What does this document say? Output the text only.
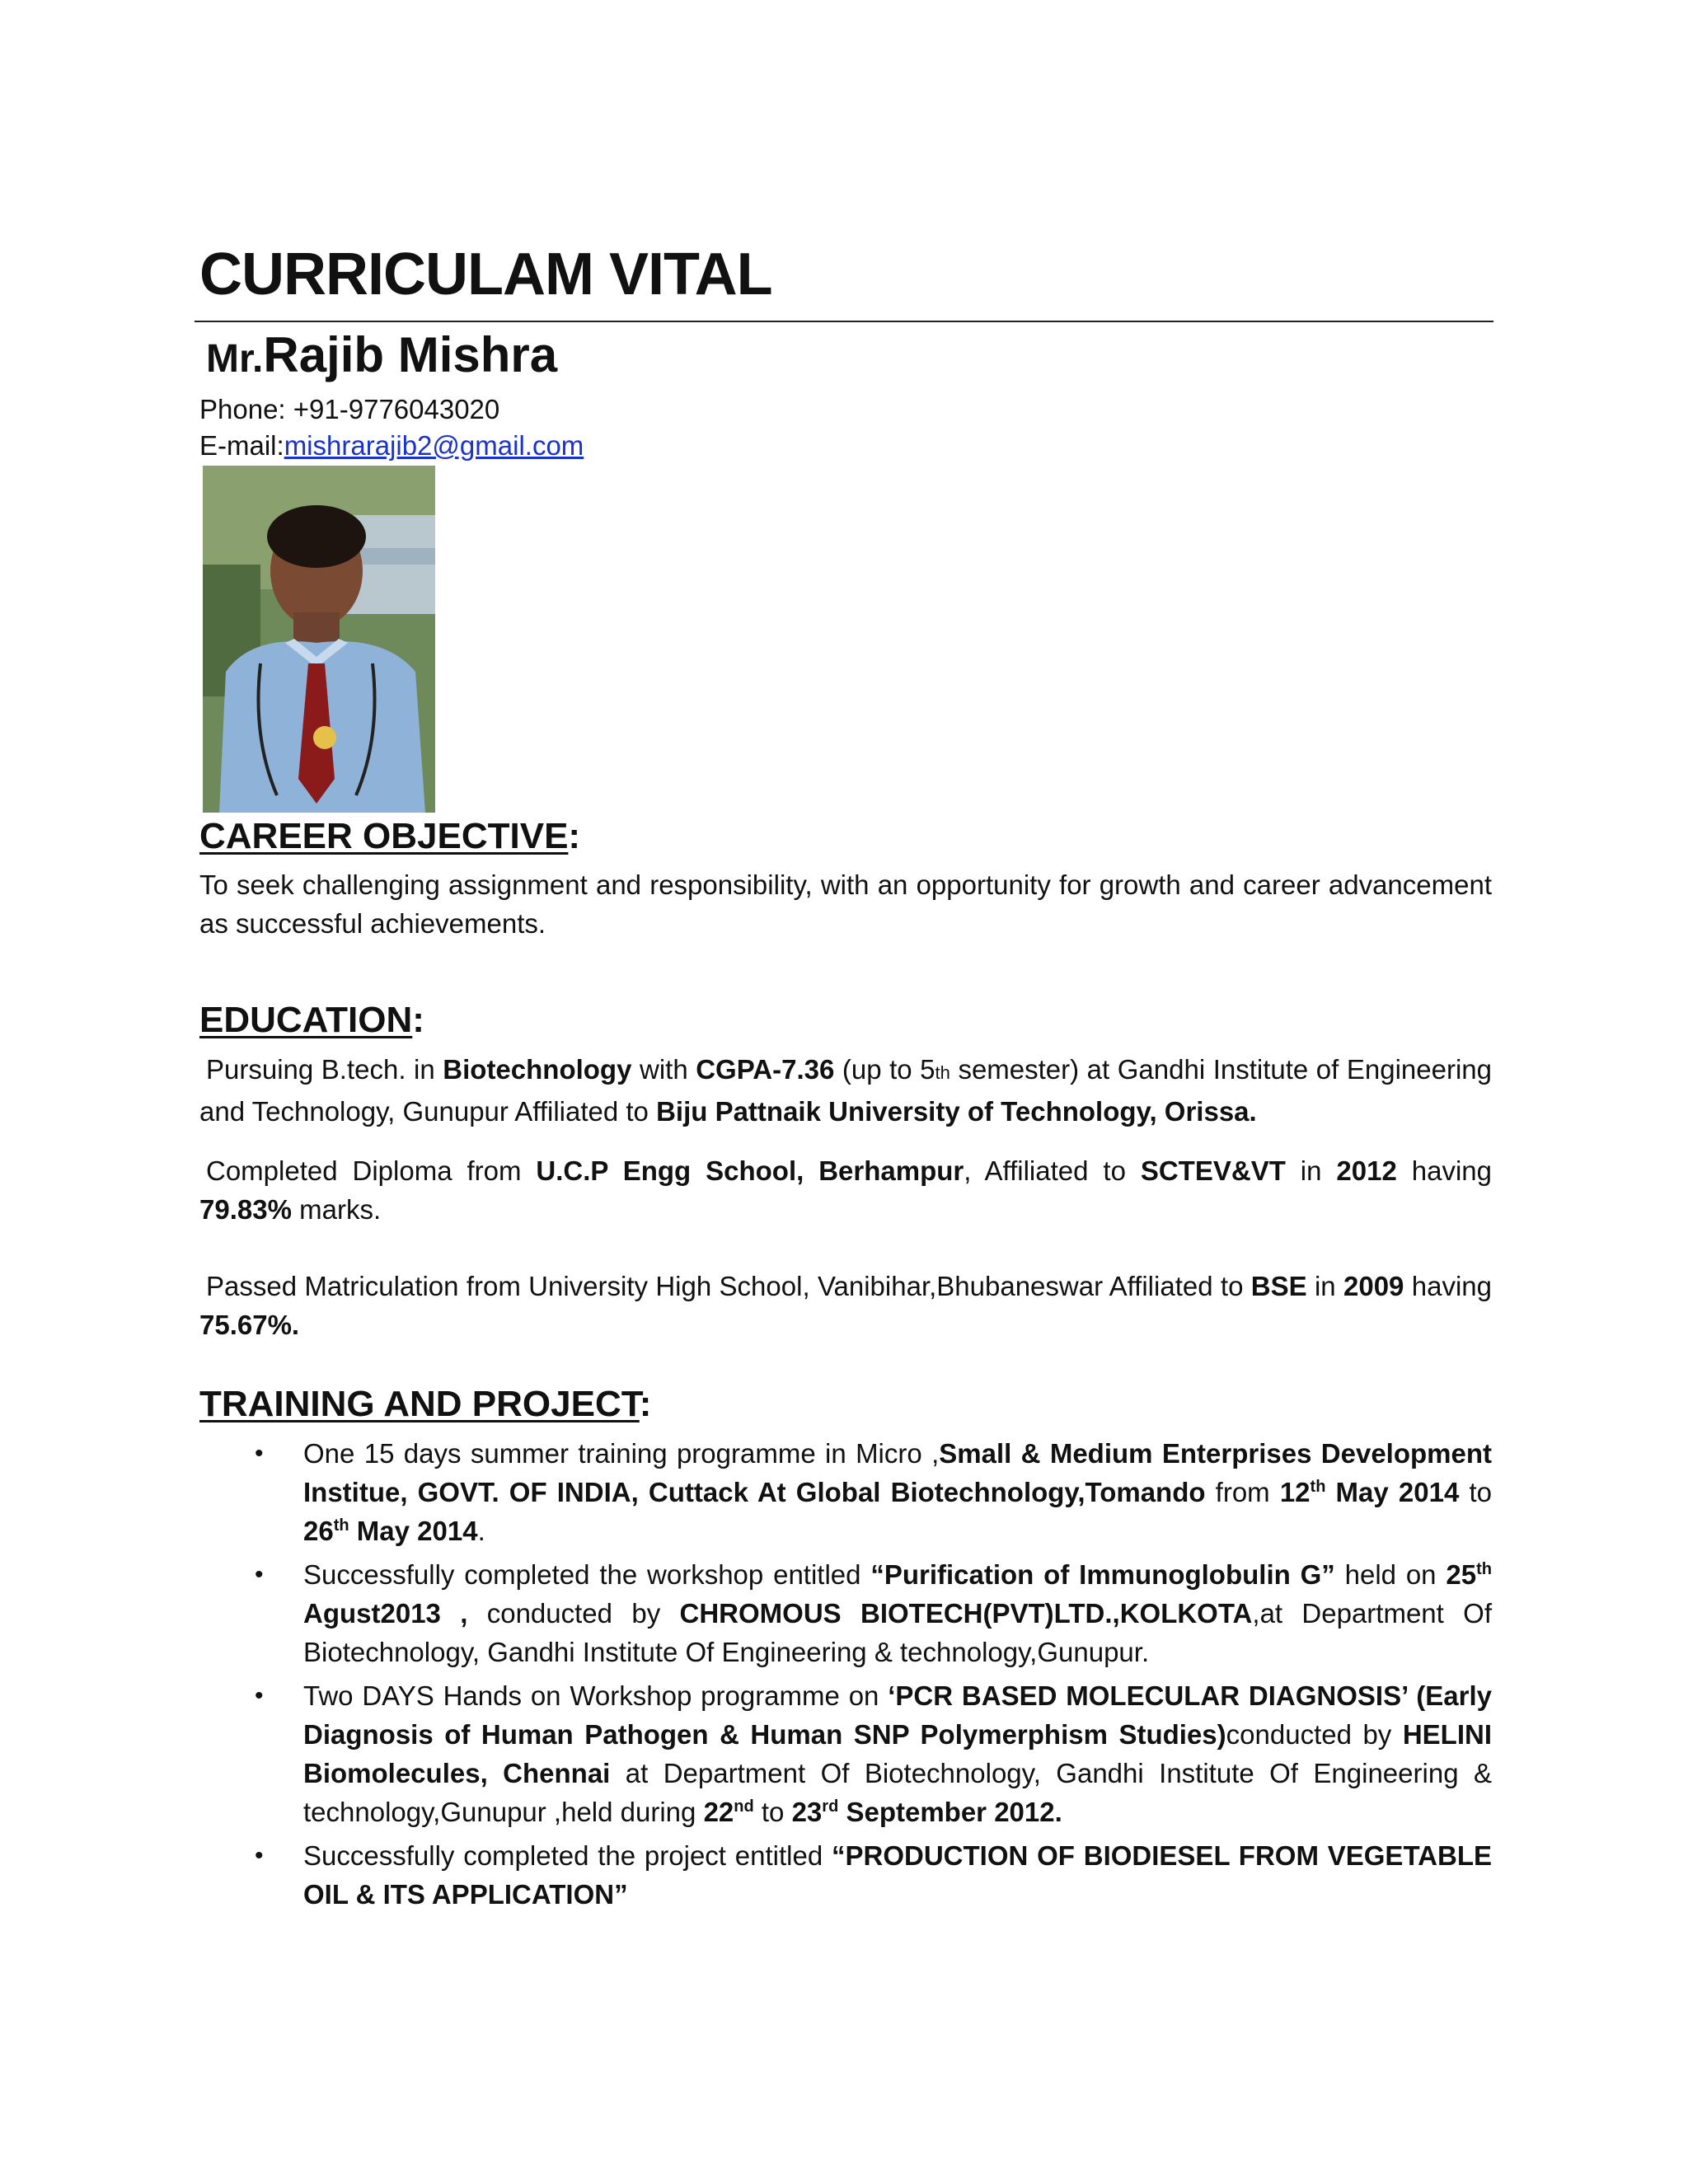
CURRICULAM VITAL
Mr.Rajib Mishra
Phone: +91-9776043020
E-mail:mishrarajib2@gmail.com
CAREER OBJECTIVE:
To seek challenging assignment and responsibility, with an opportunity for growth and career advancement as successful achievements.
EDUCATION:
Pursuing B.tech. in Biotechnology with CGPA-7.36 (up to 5th semester) at Gandhi Institute of Engineering and Technology, Gunupur Affiliated to Biju Pattnaik University of Technology, Orissa.
Completed Diploma from U.C.P Engg School, Berhampur, Affiliated to SCTEV&VT in 2012 having 79.83% marks.
Passed Matriculation from University High School, Vanibihar,Bhubaneswar Affiliated to BSE in 2009 having 75.67%.
TRAINING AND PROJECT:
• One 15 days summer training programme in Micro ,Small & Medium Enterprises Development Institue, GOVT. OF INDIA, Cuttack At Global Biotechnology,Tomando from 12th May 2014 to 26th May 2014.
• Successfully completed the workshop entitled “Purification of Immunoglobulin G” held on 25th Agust2013 , conducted by CHROMOUS BIOTECH(PVT)LTD.,KOLKOTA,at Department Of Biotechnology, Gandhi Institute Of Engineering & technology,Gunupur.
• Two DAYS Hands on Workshop programme on ‘PCR BASED MOLECULAR DIAGNOSIS’ (Early Diagnosis of Human Pathogen & Human SNP Polymerphism Studies)conducted by HELINI Biomolecules, Chennai at Department Of Biotechnology, Gandhi Institute Of Engineering & technology,Gunupur ,held during 22nd to 23rd September 2012.
• Successfully completed the project entitled “PRODUCTION OF BIODIESEL FROM VEGETABLE OIL & ITS APPLICATION”
